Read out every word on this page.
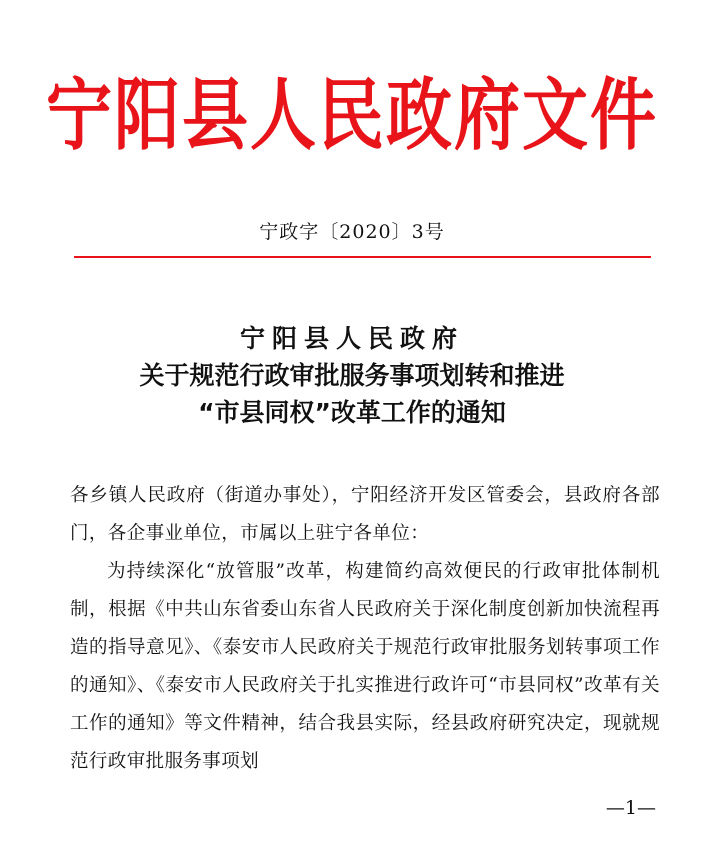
宁阳县人民政府文件
宁政字〔2020〕3号
宁阳县人民政府
关于规范行政审批服务事项划转和推进
“市县同权”改革工作的通知

各乡镇人民政府（街道办事处），宁阳经济开发区管委会，县政府各部门，各企事业单位，市属以上驻宁各单位：

为持续深化“放管服”改革，构建简约高效便民的行政审批体制机制，根据《中共山东省委山东省人民政府关于深化制度创新加快流程再造的指导意见》、《泰安市人民政府关于规范行政审批服务划转事项工作的通知》、《泰安市人民政府关于扎实推进行政许可“市县同权”改革有关工作的通知》等文件精神，结合我县实际，经县政府研究决定，现就规范行政审批服务事项划

—1—
